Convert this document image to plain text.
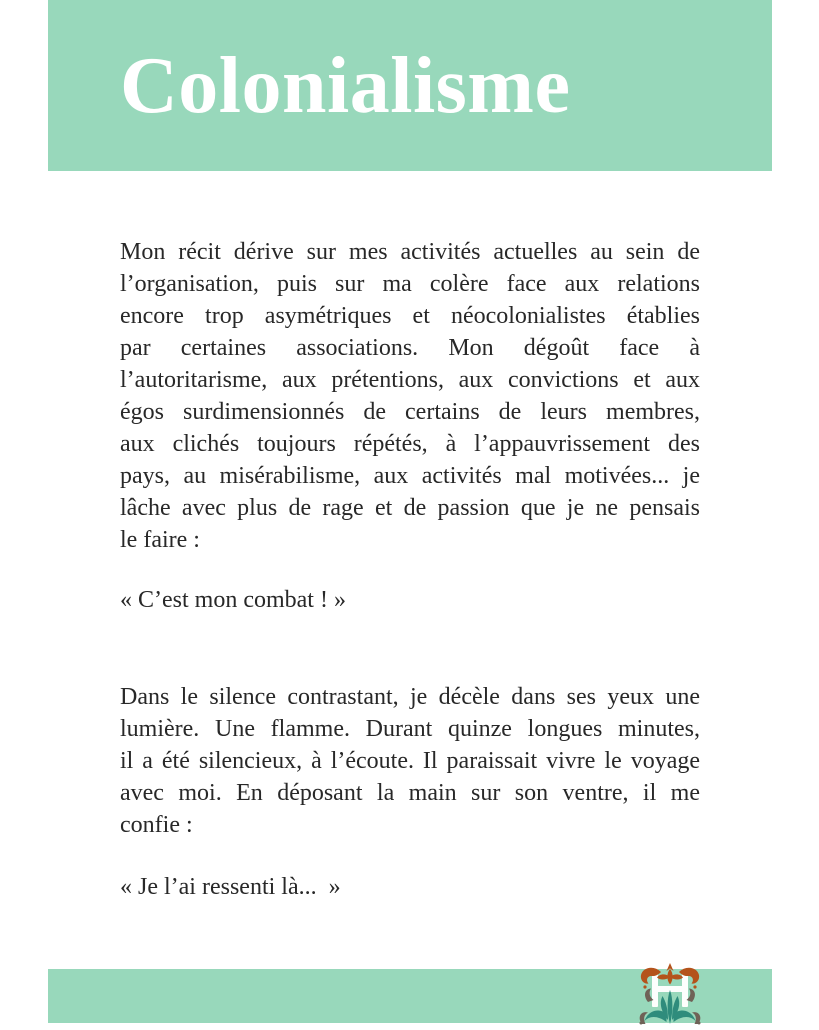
Colonialisme
Mon récit dérive sur mes activités actuelles au sein de
l’organisation, puis sur ma colère face aux relations
encore trop asymétriques et néocolonialistes établies
par certaines associations. Mon dégoût face à
l’autoritarisme, aux prétentions, aux convictions et aux
égos surdimensionnés de certains de leurs membres,
aux clichés toujours répétés, à l’appauvrissement des
pays, au misérabilisme, aux activités mal motivées... je
lâche avec plus de rage et de passion que je ne pensais
le faire :
« C’est mon combat ! »
Dans le silence contrastant, je décèle dans ses yeux une
lumière. Une flamme. Durant quinze longues minutes,
il a été silencieux, à l’écoute. Il paraissait vivre le voyage
avec moi. En déposant la main sur son ventre, il me
confie :
« Je l’ai ressenti là...  »
